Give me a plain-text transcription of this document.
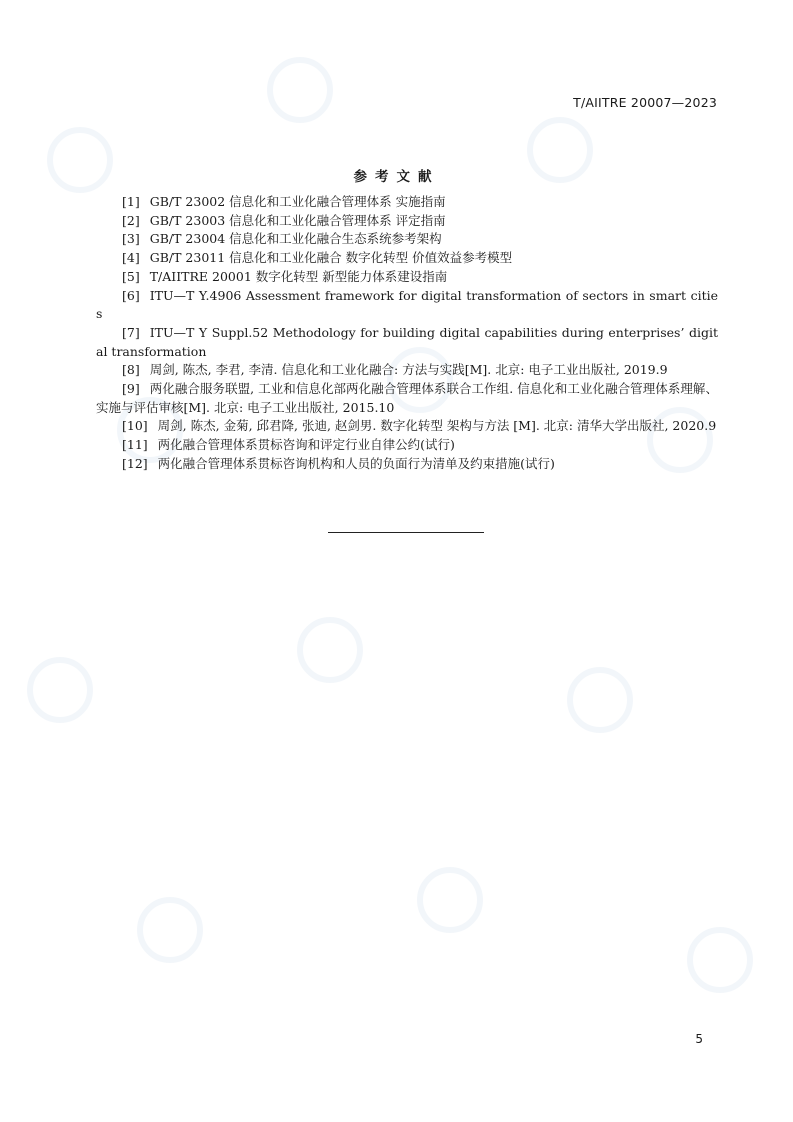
T/AIITRE 20007—2023
参考文献
[1] GB/T 23002 信息化和工业化融合管理体系 实施指南
[2] GB/T 23003 信息化和工业化融合管理体系 评定指南
[3] GB/T 23004 信息化和工业化融合生态系统参考架构
[4] GB/T 23011 信息化和工业化融合 数字化转型 价值效益参考模型
[5] T/AIITRE 20001 数字化转型 新型能力体系建设指南
[6] ITU—T Y.4906 Assessment framework for digital transformation of sectors in smart cities
[7] ITU—T Y Suppl.52 Methodology for building digital capabilities during enterprises’ digital transformation
[8] 周剑, 陈杰, 李君, 李清. 信息化和工业化融合: 方法与实践[M]. 北京: 电子工业出版社, 2019.9
[9] 两化融合服务联盟, 工业和信息化部两化融合管理体系联合工作组. 信息化和工业化融合管理体系理解、实施与评估审核[M]. 北京: 电子工业出版社, 2015.10
[10] 周剑, 陈杰, 金菊, 邱君降, 张迪, 赵剑男. 数字化转型 架构与方法 [M]. 北京: 清华大学出版社, 2020.9
[11] 两化融合管理体系贯标咨询和评定行业自律公约(试行)
[12] 两化融合管理体系贯标咨询机构和人员的负面行为清单及约束措施(试行)
5
